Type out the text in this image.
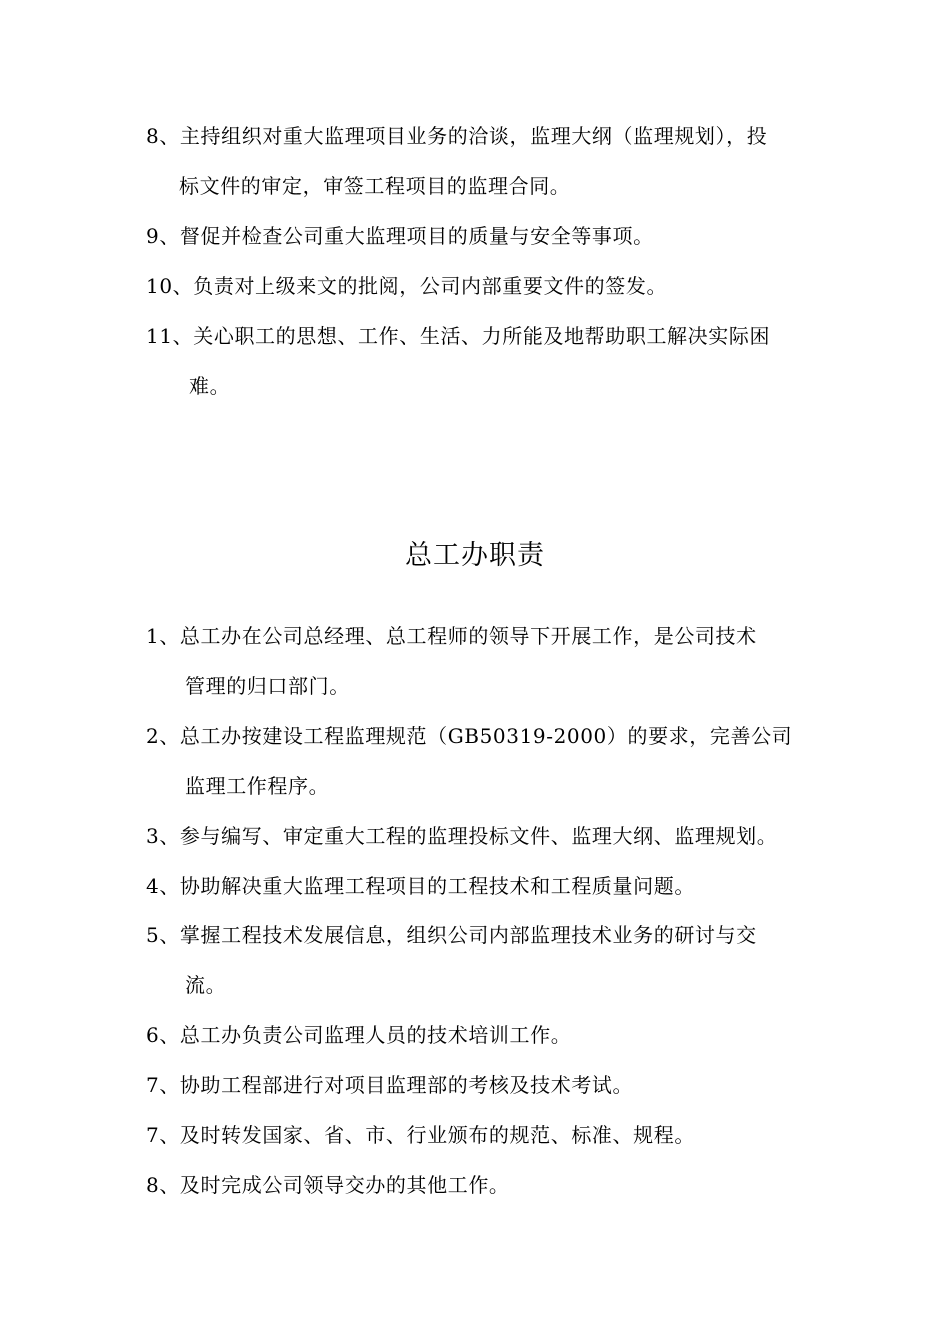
8、主持组织对重大监理项目业务的洽谈，监理大纲（监理规划），投
标文件的审定，审签工程项目的监理合同。
9、督促并检查公司重大监理项目的质量与安全等事项。
10、负责对上级来文的批阅，公司内部重要文件的签发。
11、关心职工的思想、工作、生活、力所能及地帮助职工解决实际困
难。
总工办职责
1、总工办在公司总经理、总工程师的领导下开展工作，是公司技术
管理的归口部门。
2、总工办按建设工程监理规范（GB50319-2000）的要求，完善公司
监理工作程序。
3、参与编写、审定重大工程的监理投标文件、监理大纲、监理规划。
4、协助解决重大监理工程项目的工程技术和工程质量问题。
5、掌握工程技术发展信息，组织公司内部监理技术业务的研讨与交
流。
6、总工办负责公司监理人员的技术培训工作。
7、协助工程部进行对项目监理部的考核及技术考试。
7、及时转发国家、省、市、行业颁布的规范、标准、规程。
8、及时完成公司领导交办的其他工作。
